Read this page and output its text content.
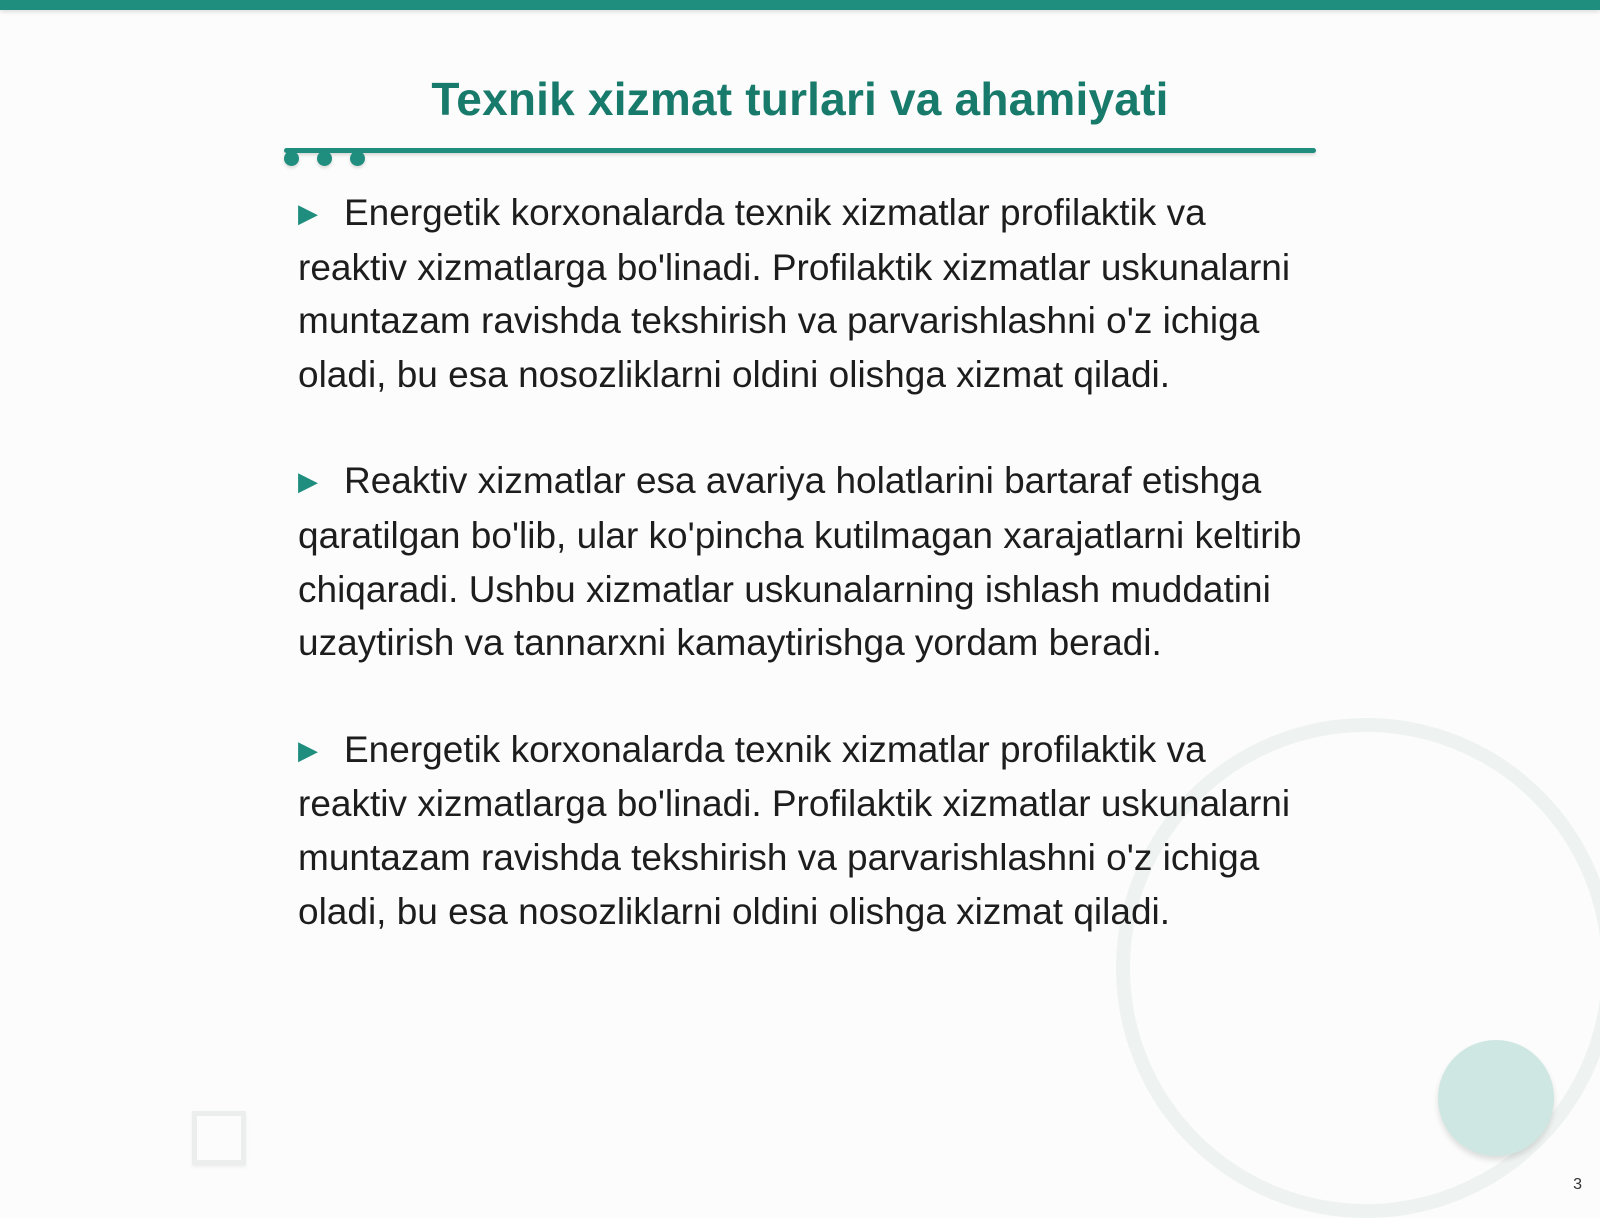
Texnik xizmat turlari va ahamiyati

▶ Energetik korxonalarda texnik xizmatlar profilaktik va reaktiv xizmatlarga bo'linadi. Profilaktik xizmatlar uskunalarni muntazam ravishda tekshirish va parvarishlashni o'z ichiga oladi, bu esa nosozliklarni oldini olishga xizmat qiladi.

▶ Reaktiv xizmatlar esa avariya holatlarini bartaraf etishga qaratilgan bo'lib, ular ko'pincha kutilmagan xarajatlarni keltirib chiqaradi. Ushbu xizmatlar uskunalarning ishlash muddatini uzaytirish va tannarxni kamaytirishga yordam beradi.

▶ Energetik korxonalarda texnik xizmatlar profilaktik va reaktiv xizmatlarga bo'linadi. Profilaktik xizmatlar uskunalarni muntazam ravishda tekshirish va parvarishlashni o'z ichiga oladi, bu esa nosozliklarni oldini olishga xizmat qiladi.

3
